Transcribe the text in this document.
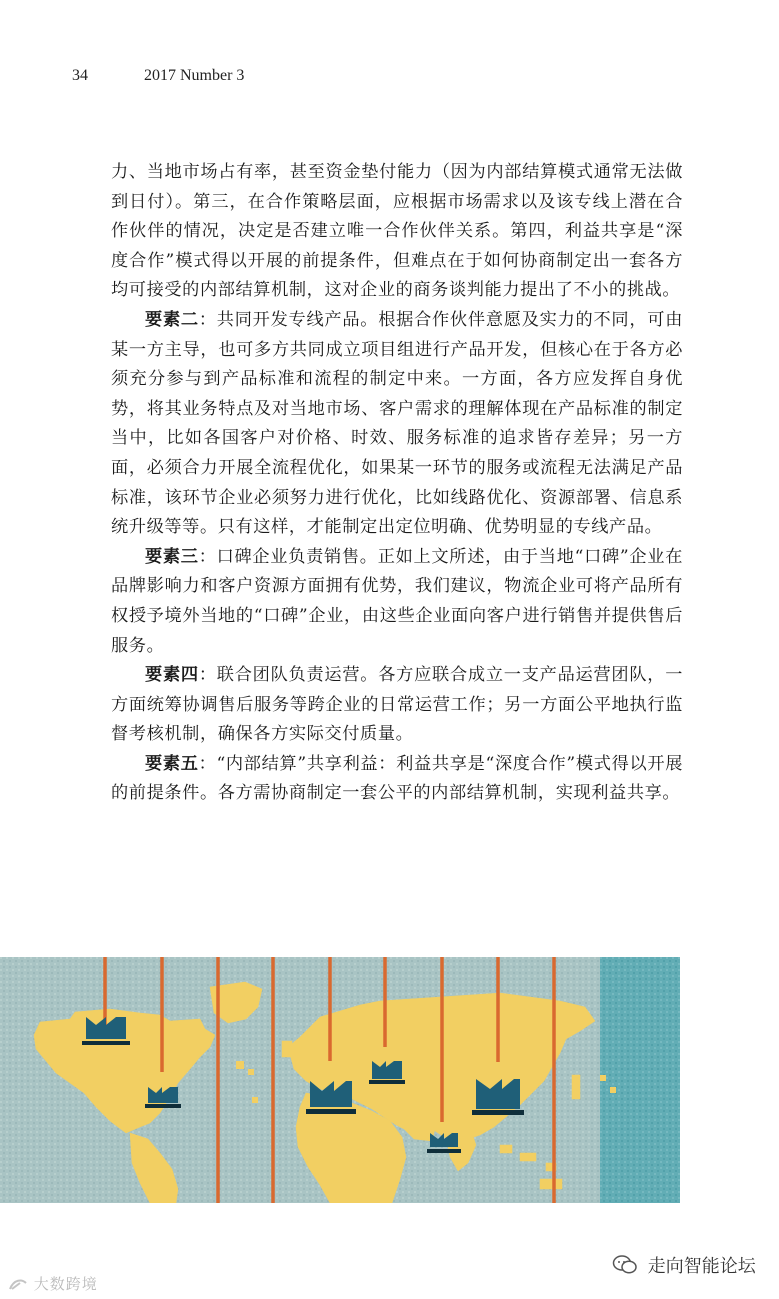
34	2017 Number 3

力、当地市场占有率，甚至资金垫付能力（因为内部结算模式通常无法做到日付）。第三，在合作策略层面，应根据市场需求以及该专线上潜在合作伙伴的情况，决定是否建立唯一合作伙伴关系。第四，利益共享是“深度合作”模式得以开展的前提条件，但难点在于如何协商制定出一套各方均可接受的内部结算机制，这对企业的商务谈判能力提出了不小的挑战。

要素二：共同开发专线产品。根据合作伙伴意愿及实力的不同，可由某一方主导，也可多方共同成立项目组进行产品开发，但核心在于各方必须充分参与到产品标准和流程的制定中来。一方面，各方应发挥自身优势，将其业务特点及对当地市场、客户需求的理解体现在产品标准的制定当中，比如各国客户对价格、时效、服务标准的追求皆存差异；另一方面，必须合力开展全流程优化，如果某一环节的服务或流程无法满足产品标准，该环节企业必须努力进行优化，比如线路优化、资源部署、信息系统升级等等。只有这样，才能制定出定位明确、优势明显的专线产品。

要素三：口碑企业负责销售。正如上文所述，由于当地“口碑”企业在品牌影响力和客户资源方面拥有优势，我们建议，物流企业可将产品所有权授予境外当地的“口碑”企业，由这些企业面向客户进行销售并提供售后服务。

要素四：联合团队负责运营。各方应联合成立一支产品运营团队，一方面统筹协调售后服务等跨企业的日常运营工作；另一方面公平地执行监督考核机制，确保各方实际交付质量。

要素五：“内部结算”共享利益：利益共享是“深度合作”模式得以开展的前提条件。各方需协商制定一套公平的内部结算机制，实现利益共享。

大数跨境
走向智能论坛
